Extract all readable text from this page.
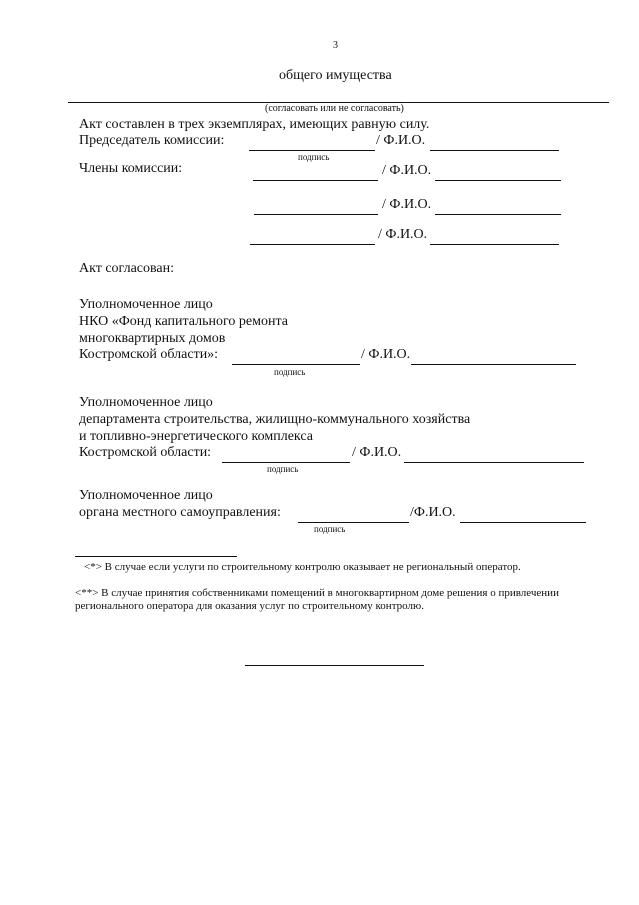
3
общего имущества
(согласовать или не согласовать)
Акт составлен в трех экземплярах, имеющих равную силу.
Председатель комиссии:	/ Ф.И.О.
подпись
Члены комиссии:	/ Ф.И.О.
/ Ф.И.О.
/ Ф.И.О.
Акт согласован:
Уполномоченное лицо
НКО «Фонд капитального ремонта
многоквартирных домов
Костромской области»:	/ Ф.И.О.
подпись
Уполномоченное лицо
департамента строительства, жилищно-коммунального хозяйства
и топливно-энергетического комплекса
Костромской области:	/ Ф.И.О.
подпись
Уполномоченное лицо
органа местного самоуправления:	/Ф.И.О.
подпись
<*> В случае если услуги по строительному контролю оказывает не региональный оператор.
<**> В случае принятия собственниками помещений в многоквартирном доме решения о привлечении
регионального оператора для оказания услуг по строительному контролю.
